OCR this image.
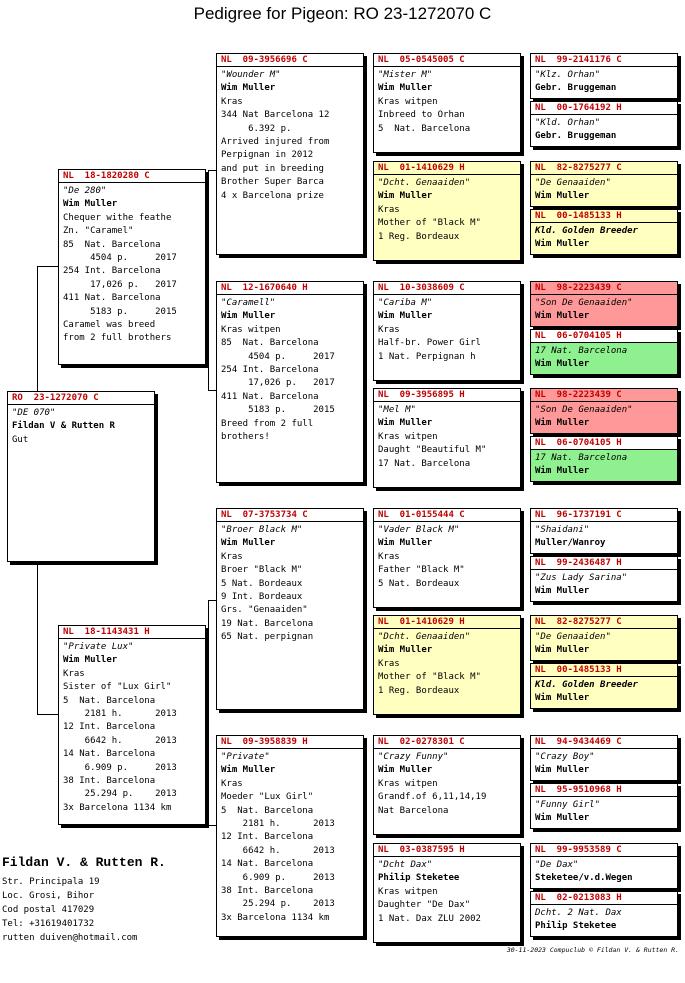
Pedigree for Pigeon: RO 23-1272070 C
RO  23-1272070 C
"DE 070"
Fildan V & Rutten R
Gut
NL  18-1820280 C
"De 280"
Wim Muller
Chequer withe feathe
Zn. "Caramel"
85  Nat. Barcelona
4504 p.     2017
254 Int. Barcelona
17,026 p.   2017
411 Nat. Barcelona
5183 p.     2015
Caramel was breed
from 2 full brothers
NL  18-1143431 H
"Private Lux"
Wim Muller
Kras
Sister of "Lux Girl"
5  Nat. Barcelona
2181 h.      2013
12 Int. Barcelona
6642 h.      2013
14 Nat. Barcelona
6.909 p.     2013
38 Int. Barcelona
25.294 p.    2013
3x Barcelona 1134 km
NL  09-3956696 C
"Wounder M"
Wim Muller
Kras
344 Nat Barcelona 12
6.392 p.
Arrived injured from
Perpignan in 2012
and put in breeding
Brother Super Barca
4 x Barcelona prize
NL  12-1670640 H
"Caramell"
Wim Muller
Kras witpen
85  Nat. Barcelona
4504 p.     2017
254 Int. Barcelona
17,026 p.   2017
411 Nat. Barcelona
5183 p.     2015
Breed from 2 full
brothers!
NL  07-3753734 C
"Broer Black M"
Wim Muller
Kras
Broer "Black M"
5 Nat. Bordeaux
9 Int. Bordeaux
Grs. "Genaaiden"
19 Nat. Barcelona
65 Nat. perpignan
NL  09-3958839 H
"Private"
Wim Muller
Kras
Moeder "Lux Girl"
5  Nat. Barcelona
2181 h.      2013
12 Int. Barcelona
6642 h.      2013
14 Nat. Barcelona
6.909 p.     2013
38 Int. Barcelona
25.294 p.    2013
3x Barcelona 1134 km
NL  05-0545005 C
"Mister M"
Wim Muller
Kras witpen
Inbreed to Orhan
5  Nat. Barcelona
NL  01-1410629 H
"Dcht. Genaaiden"
Wim Muller
Kras
Mother of "Black M"
1 Reg. Bordeaux
NL  10-3038609 C
"Cariba M"
Wim Muller
Kras
Half-br. Power Girl
1 Nat. Perpignan h
NL  09-3956895 H
"Mel M"
Wim Muller
Kras witpen
Daught "Beautiful M"
17 Nat. Barcelona
NL  01-0155444 C
"Vader Black M"
Wim Muller
Kras
Father "Black M"
5 Nat. Bordeaux
NL  01-1410629 H
"Dcht. Genaaiden"
Wim Muller
Kras
Mother of "Black M"
1 Reg. Bordeaux
NL  02-0278301 C
"Crazy Funny"
Wim Muller
Kras witpen
Grandf.of 6,11,14,19
Nat Barcelona
NL  03-0387595 H
"Dcht Dax"
Philip Steketee
Kras witpen
Daughter "De Dax"
1 Nat. Dax ZLU 2002
NL  99-2141176 C
"Klz. Orhan"
Gebr. Bruggeman
NL  00-1764192 H
"Kld. Orhan"
Gebr. Bruggeman
NL  82-8275277 C
"De Genaaiden"
Wim Muller
NL  00-1485133 H
Kld. Golden Breeder
Wim Muller
NL  98-2223439 C
"Son De Genaaiden"
Wim Muller
NL  06-0704105 H
17 Nat. Barcelona
Wim Muller
NL  98-2223439 C
"Son De Genaaiden"
Wim Muller
NL  06-0704105 H
17 Nat. Barcelona
Wim Muller
NL  96-1737191 C
"Shaidani"
Muller/Wanroy
NL  99-2436487 H
"Zus Lady Sarina"
Wim Muller
NL  82-8275277 C
"De Genaaiden"
Wim Muller
NL  00-1485133 H
Kld. Golden Breeder
Wim Muller
NL  94-9434469 C
"Crazy Boy"
Wim Muller
NL  95-9510968 H
"Funny Girl"
Wim Muller
NL  99-9953589 C
"De Dax"
Steketee/v.d.Wegen
NL  02-0213083 H
Dcht. 2 Nat. Dax
Philip Steketee
Fildan V. & Rutten R.
Str. Principala 19
Loc. Grosi, Bihor
Cod postal 417029
Tel: +31619401732
rutten duiven@hotmail.com
30-11-2023 Compuclub © Fildan V. & Rutten R.
